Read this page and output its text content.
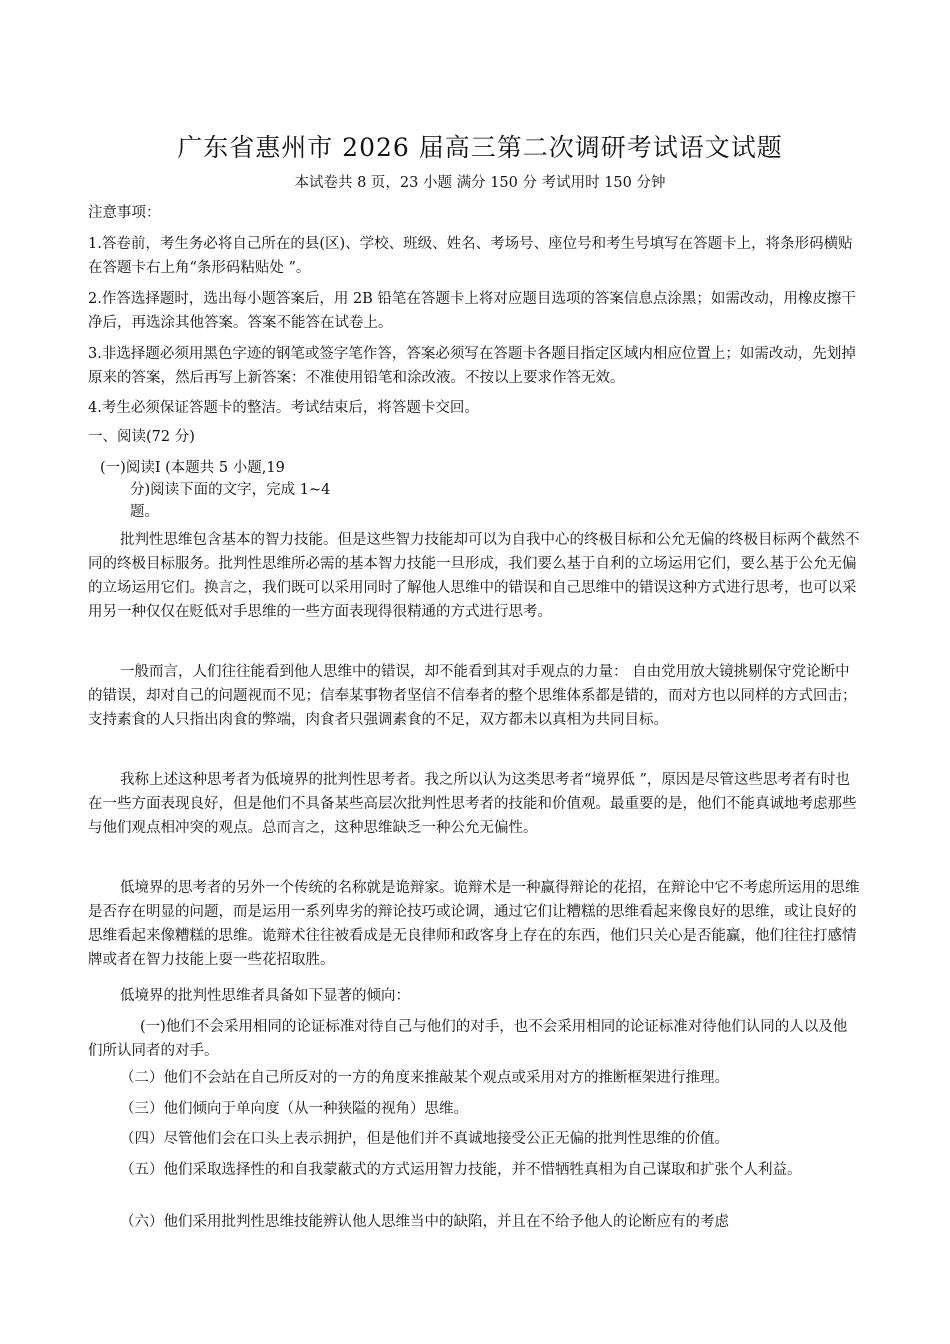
广东省惠州市 2026 届高三第二次调研考试语文试题
本试卷共 8 页，23 小题 满分 150 分 考试用时 150 分钟

注意事项：

1.答卷前，考生务必将自己所在的县(区)、学校、班级、姓名、考场号、座位号和考生号填写在答题卡上，将条形码横贴在答题卡右上角“条形码粘贴处 ”。

2.作答选择题时，选出每小题答案后，用 2B 铅笔在答题卡上将对应题目选项的答案信息点涂黑；如需改动，用橡皮擦干净后，再选涂其他答案。答案不能答在试卷上。

3.非选择题必须用黑色字迹的钢笔或签字笔作答，答案必须写在答题卡各题目指定区域内相应位置上；如需改动，先划掉原来的答案，然后再写上新答案：不准使用铅笔和涂改液。不按以上要求作答无效。

4.考生必须保证答题卡的整洁。考试结束后，将答题卡交回。

一、阅读(72 分)

(一)阅读Ⅰ (本题共 5 小题,19
分)阅读下面的文字，完成 1~4
题。

批判性思维包含基本的智力技能。但是这些智力技能却可以为自我中心的终极目标和公允无偏的终极目标两个截然不同的终极目标服务。批判性思维所必需的基本智力技能一旦形成，我们要么基于自利的立场运用它们，要么基于公允无偏的立场运用它们。换言之，我们既可以采用同时了解他人思维中的错误和自己思维中的错误这种方式进行思考，也可以采用另一种仅仅在贬低对手思维的一些方面表现得很精通的方式进行思考。

一般而言，人们往往能看到他人思维中的错误，却不能看到其对手观点的力量： 自由党用放大镜挑剔保守党论断中的错误，却对自己的问题视而不见；信奉某事物者坚信不信奉者的整个思维体系都是错的，而对方也以同样的方式回击；支持素食的人只指出肉食的弊端，肉食者只强调素食的不足，双方都未以真相为共同目标。

我称上述这种思考者为低境界的批判性思考者。我之所以认为这类思考者“境界低 ”，原因是尽管这些思考者有时也在一些方面表现良好，但是他们不具备某些高层次批判性思考者的技能和价值观。最重要的是，他们不能真诚地考虑那些与他们观点相冲突的观点。总而言之，这种思维缺乏一种公允无偏性。

低境界的思考者的另外一个传统的名称就是诡辩家。诡辩术是一种赢得辩论的花招，在辩论中它不考虑所运用的思维是否存在明显的问题，而是运用一系列卑劣的辩论技巧或论调，通过它们让糟糕的思维看起来像良好的思维，或让良好的思维看起来像糟糕的思维。诡辩术往往被看成是无良律师和政客身上存在的东西，他们只关心是否能赢，他们往往打感情牌或者在智力技能上耍一些花招取胜。

低境界的批判性思维者具备如下显著的倾向：

(一)他们不会采用相同的论证标准对待自己与他们的对手，也不会采用相同的论证标准对待他们认同的人以及他们所认同者的对手。

（二）他们不会站在自己所反对的一方的角度来推敲某个观点或采用对方的推断框架进行推理。

（三）他们倾向于单向度（从一种狭隘的视角）思维。

（四）尽管他们会在口头上表示拥护，但是他们并不真诚地接受公正无偏的批判性思维的价值。

（五）他们采取选择性的和自我蒙蔽式的方式运用智力技能，并不惜牺牲真相为自己谋取和扩张个人利益。

（六）他们采用批判性思维技能辨认他人思维当中的缺陷，并且在不给予他人的论断应有的考虑
